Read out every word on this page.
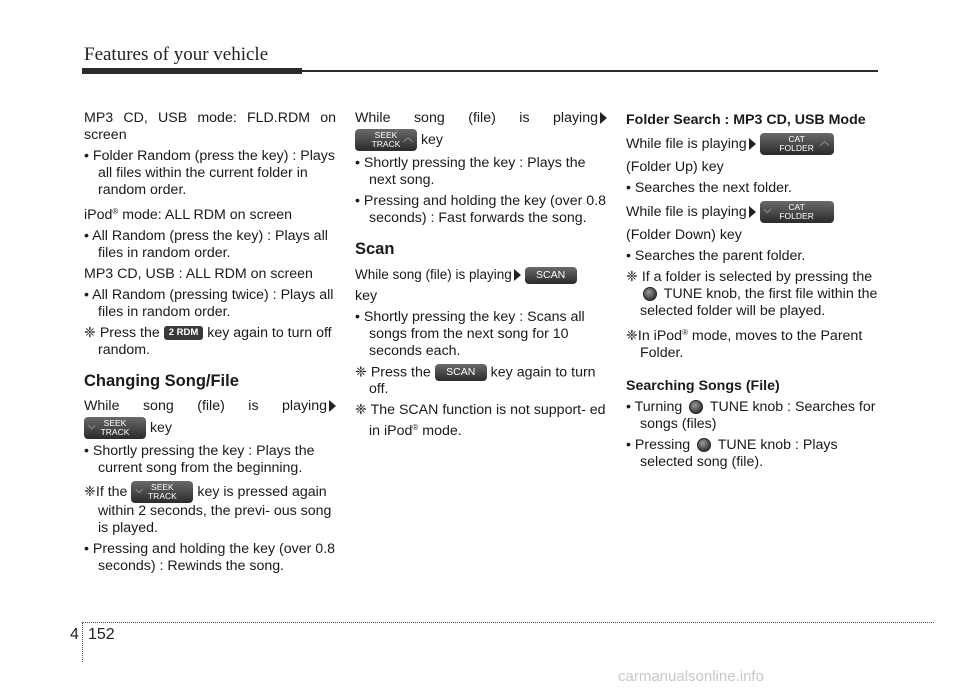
Features of your vehicle

MP3 CD, USB mode: FLD.RDM on screen

• Folder Random (press the key) : Plays all files within the current folder in random order.

iPod® mode: ALL RDM on screen

• All Random (press the key) : Plays all files in random order.

MP3 CD, USB : ALL RDM on screen

• All Random (pressing twice) : Plays all files in random order.

❈ Press the 2 RDM key again to turn off random.

Changing Song/File

While song (file) is playing

⌵ SEEK
TRACK key

• Shortly pressing the key : Plays the current song from the beginning.

❈If the ⌵ SEEK
TRACK key is pressed again within 2 seconds, the previ- ous song is played.

• Pressing and holding the key (over 0.8 seconds) : Rewinds the song.

While song (file) is playing

SEEK
TRACK ︿ key

• Shortly pressing the key : Plays the next song.

• Pressing and holding the key (over 0.8 seconds) : Fast forwards the song.

Scan

While song (file) is playing SCAN

key

• Shortly pressing the key : Scans all songs from the next song for 10 seconds each.

❈ Press the SCAN key again to turn off.

❈ The SCAN function is not support- ed in iPod® mode.

Folder Search : MP3 CD, USB Mode

While file is playing	CAT
FOLDER ︿

(Folder Up) key

• Searches the next folder.

While file is playing ⌵ CAT
FOLDER

(Folder Down) key

• Searches the parent folder.

❈ If a folder is selected by pressing the  TUNE knob, the first file within the selected folder will be played.

❈In iPod® mode, moves to the Parent Folder.

Searching Songs (File)

• Turning TUNE knob : Searches for songs (files)

• Pressing TUNE knob : Plays selected song (file).

4 152
carmanualsonline.info
